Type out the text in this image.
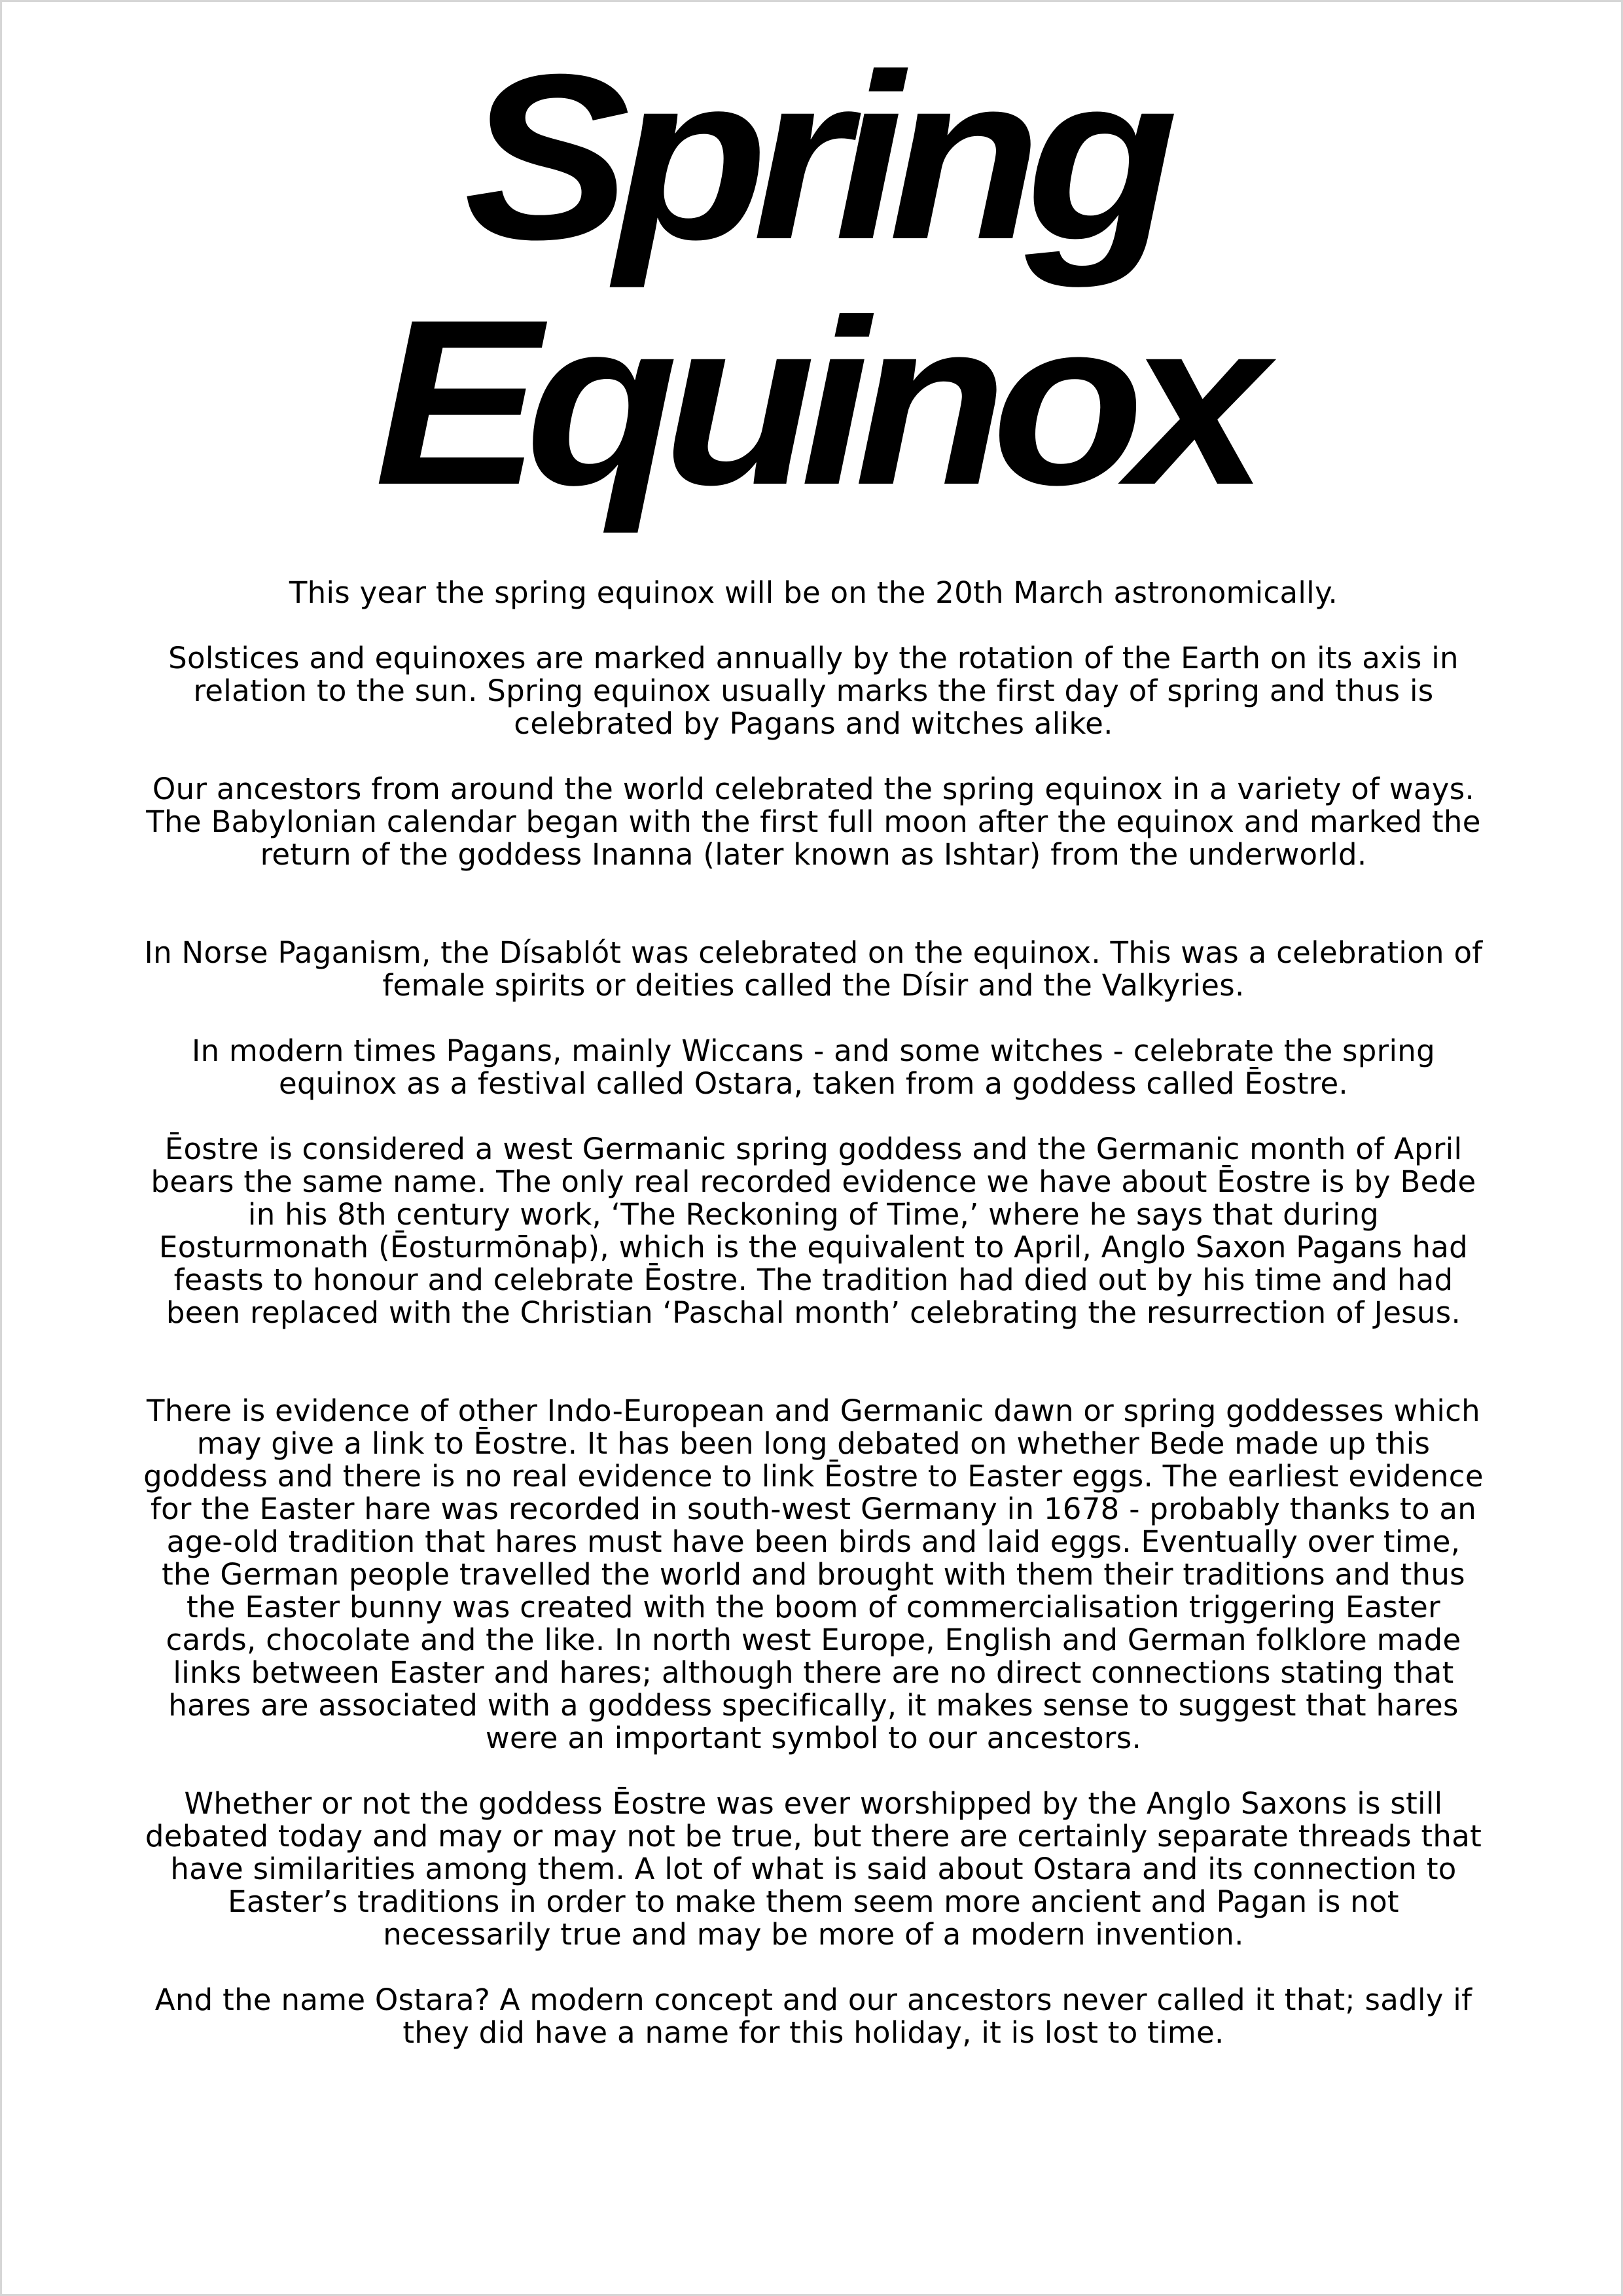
Spring
Equinox

This year the spring equinox will be on the 20th March astronomically.

Solstices and equinoxes are marked annually by the rotation of the Earth on its axis in relation to the sun. Spring equinox usually marks the first day of spring and thus is celebrated by Pagans and witches alike.

Our ancestors from around the world celebrated the spring equinox in a variety of ways. The Babylonian calendar began with the first full moon after the equinox and marked the return of the goddess Inanna (later known as Ishtar) from the underworld.

In Norse Paganism, the Dísablót was celebrated on the equinox. This was a celebration of female spirits or deities called the Dísir and the Valkyries.

In modern times Pagans, mainly Wiccans - and some witches - celebrate the spring equinox as a festival called Ostara, taken from a goddess called Ēostre.

Ēostre is considered a west Germanic spring goddess and the Germanic month of April bears the same name. The only real recorded evidence we have about Ēostre is by Bede in his 8th century work, ‘The Reckoning of Time,’ where he says that during Eosturmonath (Ēosturmōnaþ), which is the equivalent to April, Anglo Saxon Pagans had feasts to honour and celebrate Ēostre. The tradition had died out by his time and had been replaced with the Christian ‘Paschal month’ celebrating the resurrection of Jesus.

There is evidence of other Indo-European and Germanic dawn or spring goddesses which may give a link to Ēostre. It has been long debated on whether Bede made up this goddess and there is no real evidence to link Ēostre to Easter eggs. The earliest evidence for the Easter hare was recorded in south-west Germany in 1678 - probably thanks to an age-old tradition that hares must have been birds and laid eggs. Eventually over time, the German people travelled the world and brought with them their traditions and thus the Easter bunny was created with the boom of commercialisation triggering Easter cards, chocolate and the like. In north west Europe, English and German folklore made links between Easter and hares; although there are no direct connections stating that hares are associated with a goddess specifically, it makes sense to suggest that hares were an important symbol to our ancestors.

Whether or not the goddess Ēostre was ever worshipped by the Anglo Saxons is still debated today and may or may not be true, but there are certainly separate threads that have similarities among them. A lot of what is said about Ostara and its connection to Easter’s traditions in order to make them seem more ancient and Pagan is not necessarily true and may be more of a modern invention.

And the name Ostara? A modern concept and our ancestors never called it that; sadly if they did have a name for this holiday, it is lost to time.
